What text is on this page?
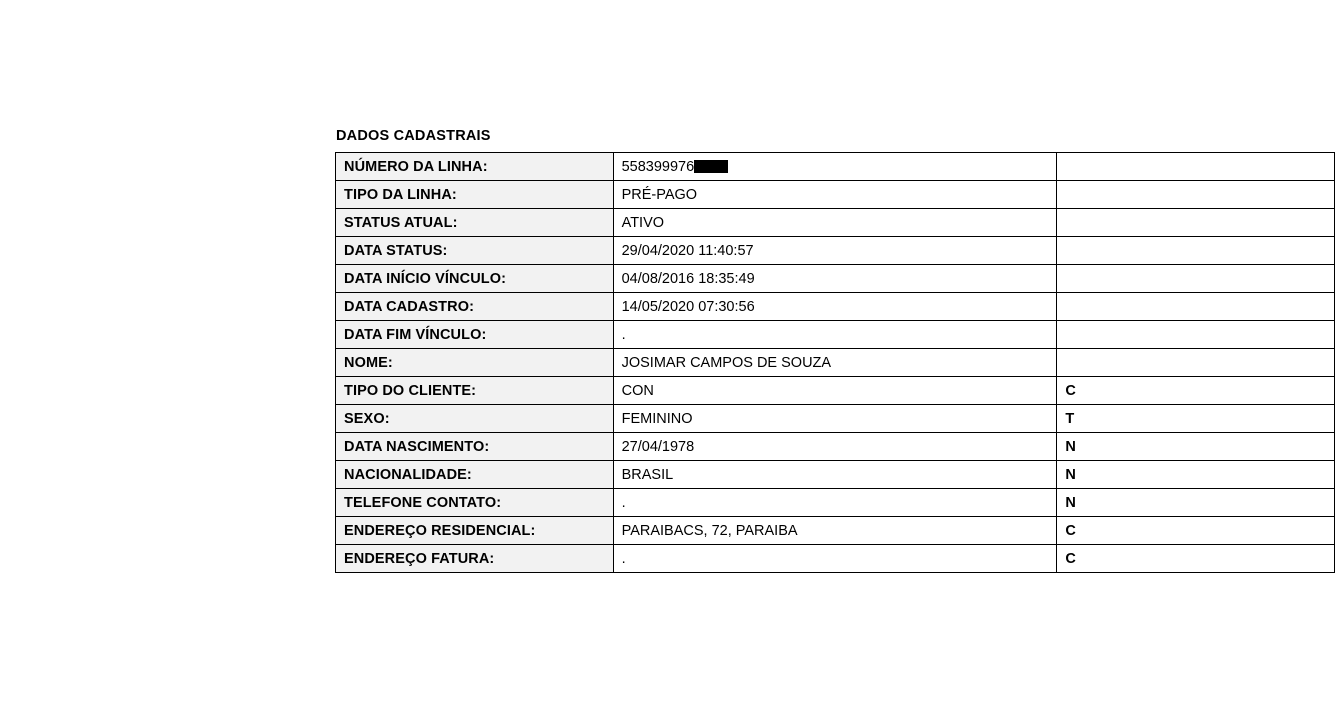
DADOS CADASTRAIS
NÚMERO DA LINHA:	558399976	
TIPO DA LINHA:	PRÉ-PAGO	
STATUS ATUAL:	ATIVO	
DATA STATUS:	29/04/2020 11:40:57	
DATA INÍCIO VÍNCULO:	04/08/2016 18:35:49	
DATA CADASTRO:	14/05/2020 07:30:56	
DATA FIM VÍNCULO:	.	
NOME:	JOSIMAR CAMPOS DE SOUZA	
TIPO DO CLIENTE:	CON	C
SEXO:	FEMININO	T
DATA NASCIMENTO:	27/04/1978	N
NACIONALIDADE:	BRASIL	N
TELEFONE CONTATO:	.	N
ENDEREÇO RESIDENCIAL:	PARAIBACS, 72, PARAIBA	C
ENDEREÇO FATURA:	.	C
